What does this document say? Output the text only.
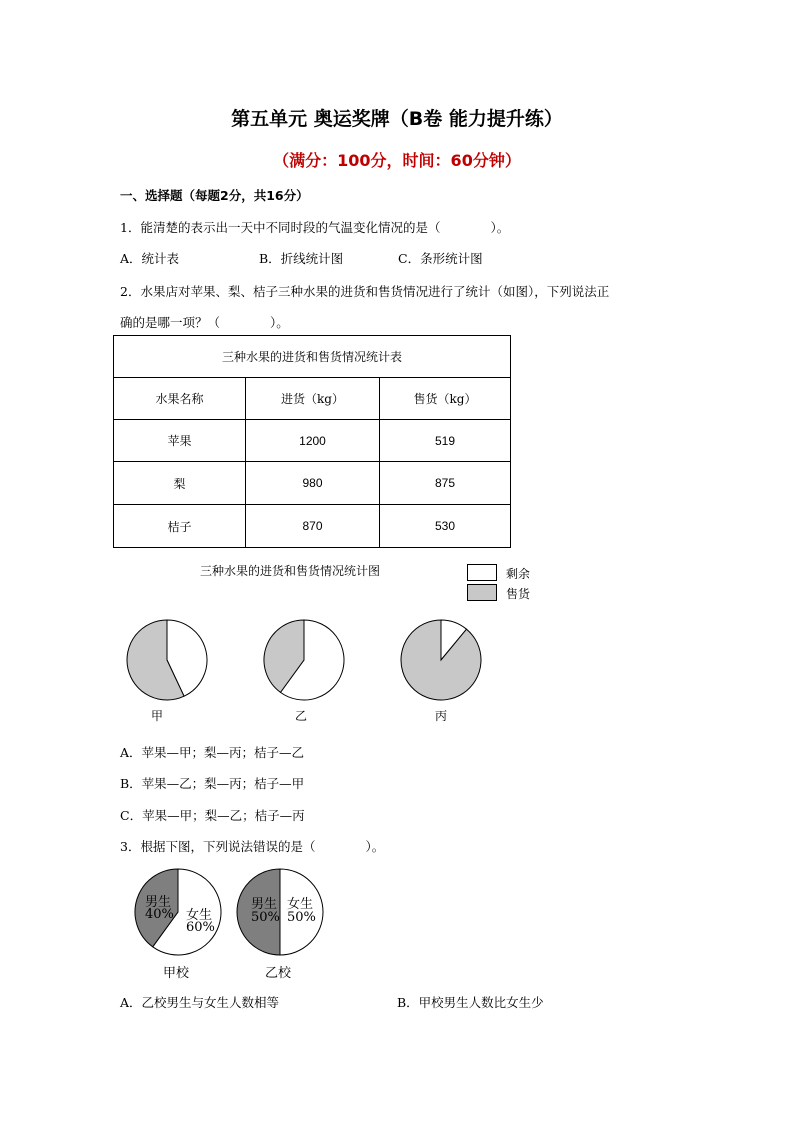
第五单元 奥运奖牌（B卷 能力提升练）
（满分：100分，时间：60分钟）
一、选择题（每题2分，共16分）
1．能清楚的表示出一天中不同时段的气温变化情况的是（　　　　）。
A．统计表	B．折线统计图	C．条形统计图
2．水果店对苹果、梨、桔子三种水果的进货和售货情况进行了统计（如图），下列说法正
确的是哪一项？（　　　　）。
三种水果的进货和售货情况统计表		
水果名称	进货（kg）	售货（kg）
苹果	1200	519
梨	980	875
桔子	870	530
三种水果的进货和售货情况统计图	剩余
售货
甲	乙	丙
A．苹果—甲；梨—丙；桔子—乙
B．苹果—乙；梨—丙；桔子—甲
C．苹果—甲；梨—乙；桔子—丙
3．根据下图，下列说法错误的是（　　　　）。
男生
40% 女生
60%
男生
50%
女生
50%
甲校	乙校
A．乙校男生与女生人数相等	B．甲校男生人数比女生少
